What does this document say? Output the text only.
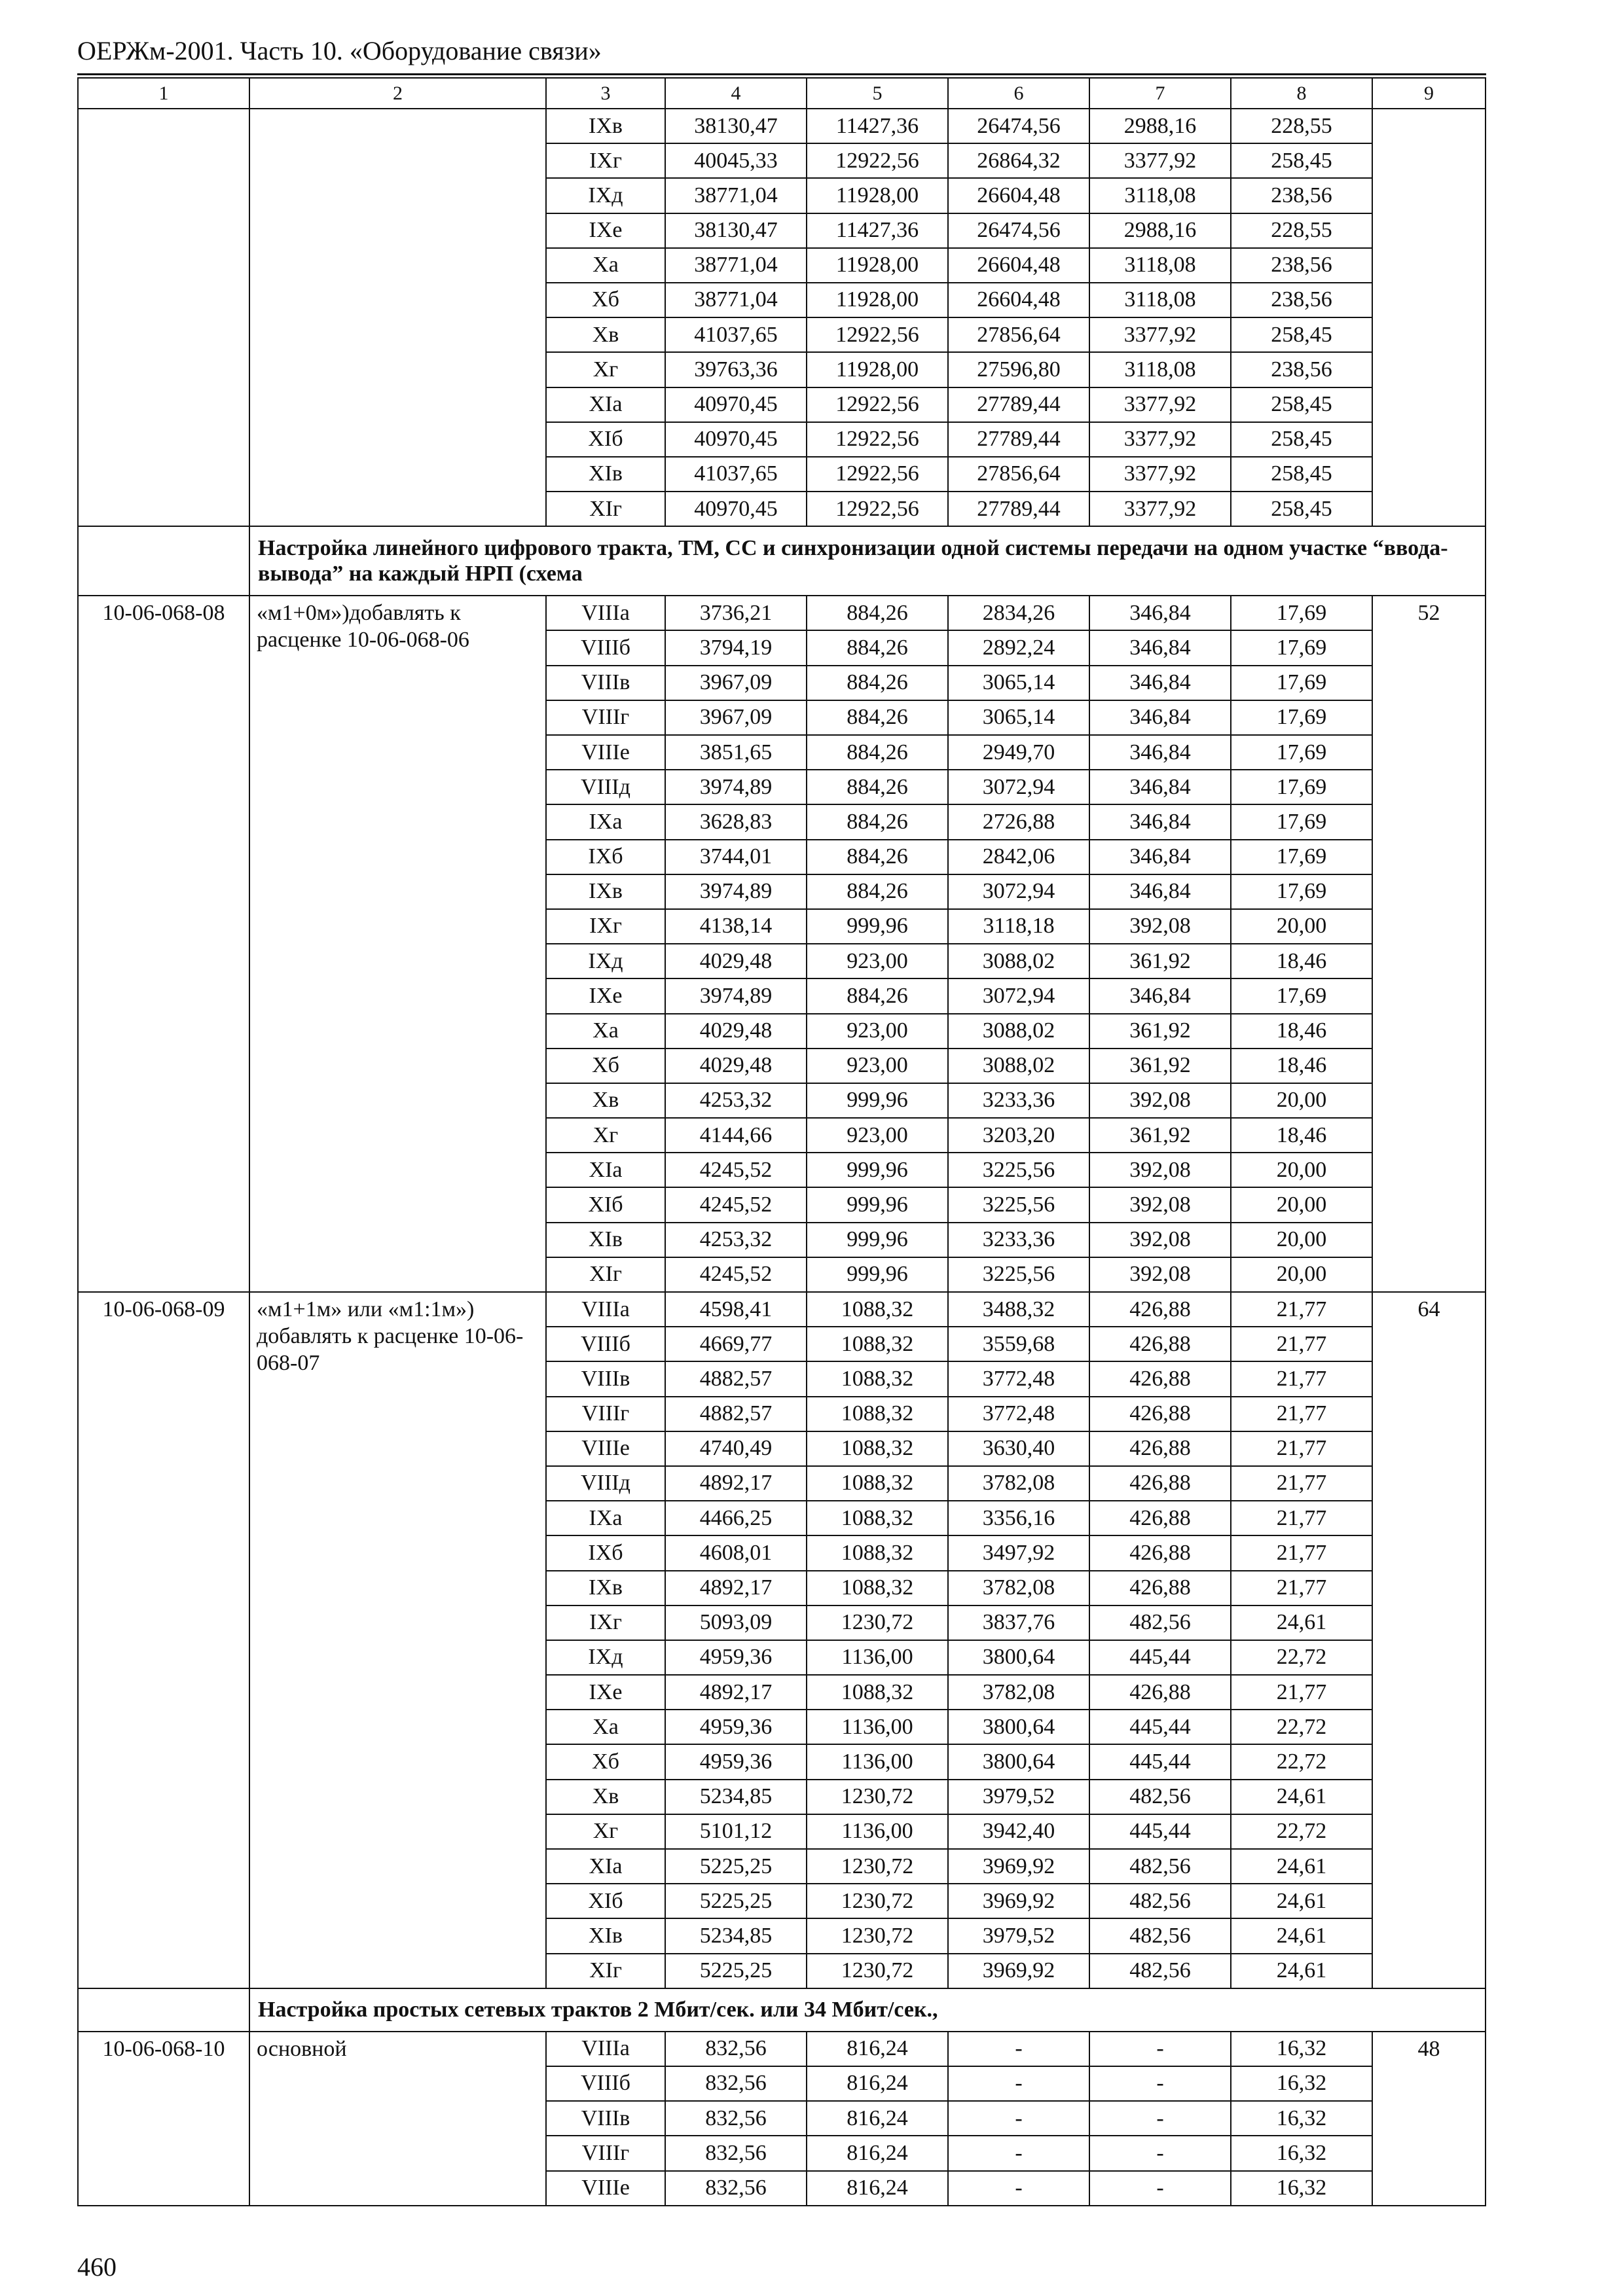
ОЕРЖм-2001. Часть 10. «Оборудование связи»
1	2	3	4	5	6	7	8	9
		IXв	38130,47	11427,36	26474,56	2988,16	228,55	
		IXг	40045,33	12922,56	26864,32	3377,92	258,45	
		IXд	38771,04	11928,00	26604,48	3118,08	238,56	
		IXе	38130,47	11427,36	26474,56	2988,16	228,55	
		Xа	38771,04	11928,00	26604,48	3118,08	238,56	
		Xб	38771,04	11928,00	26604,48	3118,08	238,56	
		Xв	41037,65	12922,56	27856,64	3377,92	258,45	
		Xг	39763,36	11928,00	27596,80	3118,08	238,56	
		XIа	40970,45	12922,56	27789,44	3377,92	258,45	
		XIб	40970,45	12922,56	27789,44	3377,92	258,45	
		XIв	41037,65	12922,56	27856,64	3377,92	258,45	
		XIг	40970,45	12922,56	27789,44	3377,92	258,45	
	Настройка линейного цифрового тракта, ТМ, СС и синхронизации одной системы передачи на одном участке “ввода-вывода” на каждый НРП (схема							
10-06-068-08	«м1+0м»)добавлять к расценке 10-06-068-06	VIIIа	3736,21	884,26	2834,26	346,84	17,69	52
		VIIIб	3794,19	884,26	2892,24	346,84	17,69	
		VIIIв	3967,09	884,26	3065,14	346,84	17,69	
		VIIIг	3967,09	884,26	3065,14	346,84	17,69	
		VIIIе	3851,65	884,26	2949,70	346,84	17,69	
		VIIIд	3974,89	884,26	3072,94	346,84	17,69	
		IXа	3628,83	884,26	2726,88	346,84	17,69	
		IXб	3744,01	884,26	2842,06	346,84	17,69	
		IXв	3974,89	884,26	3072,94	346,84	17,69	
		IXг	4138,14	999,96	3118,18	392,08	20,00	
		IXд	4029,48	923,00	3088,02	361,92	18,46	
		IXе	3974,89	884,26	3072,94	346,84	17,69	
		Xа	4029,48	923,00	3088,02	361,92	18,46	
		Xб	4029,48	923,00	3088,02	361,92	18,46	
		Xв	4253,32	999,96	3233,36	392,08	20,00	
		Xг	4144,66	923,00	3203,20	361,92	18,46	
		XIа	4245,52	999,96	3225,56	392,08	20,00	
		XIб	4245,52	999,96	3225,56	392,08	20,00	
		XIв	4253,32	999,96	3233,36	392,08	20,00	
		XIг	4245,52	999,96	3225,56	392,08	20,00	
10-06-068-09	«м1+1м» или «м1:1м») добавлять к расценке 10-06-068-07	VIIIа	4598,41	1088,32	3488,32	426,88	21,77	64
		VIIIб	4669,77	1088,32	3559,68	426,88	21,77	
		VIIIв	4882,57	1088,32	3772,48	426,88	21,77	
		VIIIг	4882,57	1088,32	3772,48	426,88	21,77	
		VIIIе	4740,49	1088,32	3630,40	426,88	21,77	
		VIIIд	4892,17	1088,32	3782,08	426,88	21,77	
		IXа	4466,25	1088,32	3356,16	426,88	21,77	
		IXб	4608,01	1088,32	3497,92	426,88	21,77	
		IXв	4892,17	1088,32	3782,08	426,88	21,77	
		IXг	5093,09	1230,72	3837,76	482,56	24,61	
		IXд	4959,36	1136,00	3800,64	445,44	22,72	
		IXе	4892,17	1088,32	3782,08	426,88	21,77	
		Xа	4959,36	1136,00	3800,64	445,44	22,72	
		Xб	4959,36	1136,00	3800,64	445,44	22,72	
		Xв	5234,85	1230,72	3979,52	482,56	24,61	
		Xг	5101,12	1136,00	3942,40	445,44	22,72	
		XIа	5225,25	1230,72	3969,92	482,56	24,61	
		XIб	5225,25	1230,72	3969,92	482,56	24,61	
		XIв	5234,85	1230,72	3979,52	482,56	24,61	
		XIг	5225,25	1230,72	3969,92	482,56	24,61	
	Настройка простых сетевых трактов 2 Мбит/сек. или 34 Мбит/сек.,							
10-06-068-10	основной	VIIIа	832,56	816,24	-	-	16,32	48
		VIIIб	832,56	816,24	-	-	16,32	
		VIIIв	832,56	816,24	-	-	16,32	
		VIIIг	832,56	816,24	-	-	16,32	
		VIIIе	832,56	816,24	-	-	16,32	
460
